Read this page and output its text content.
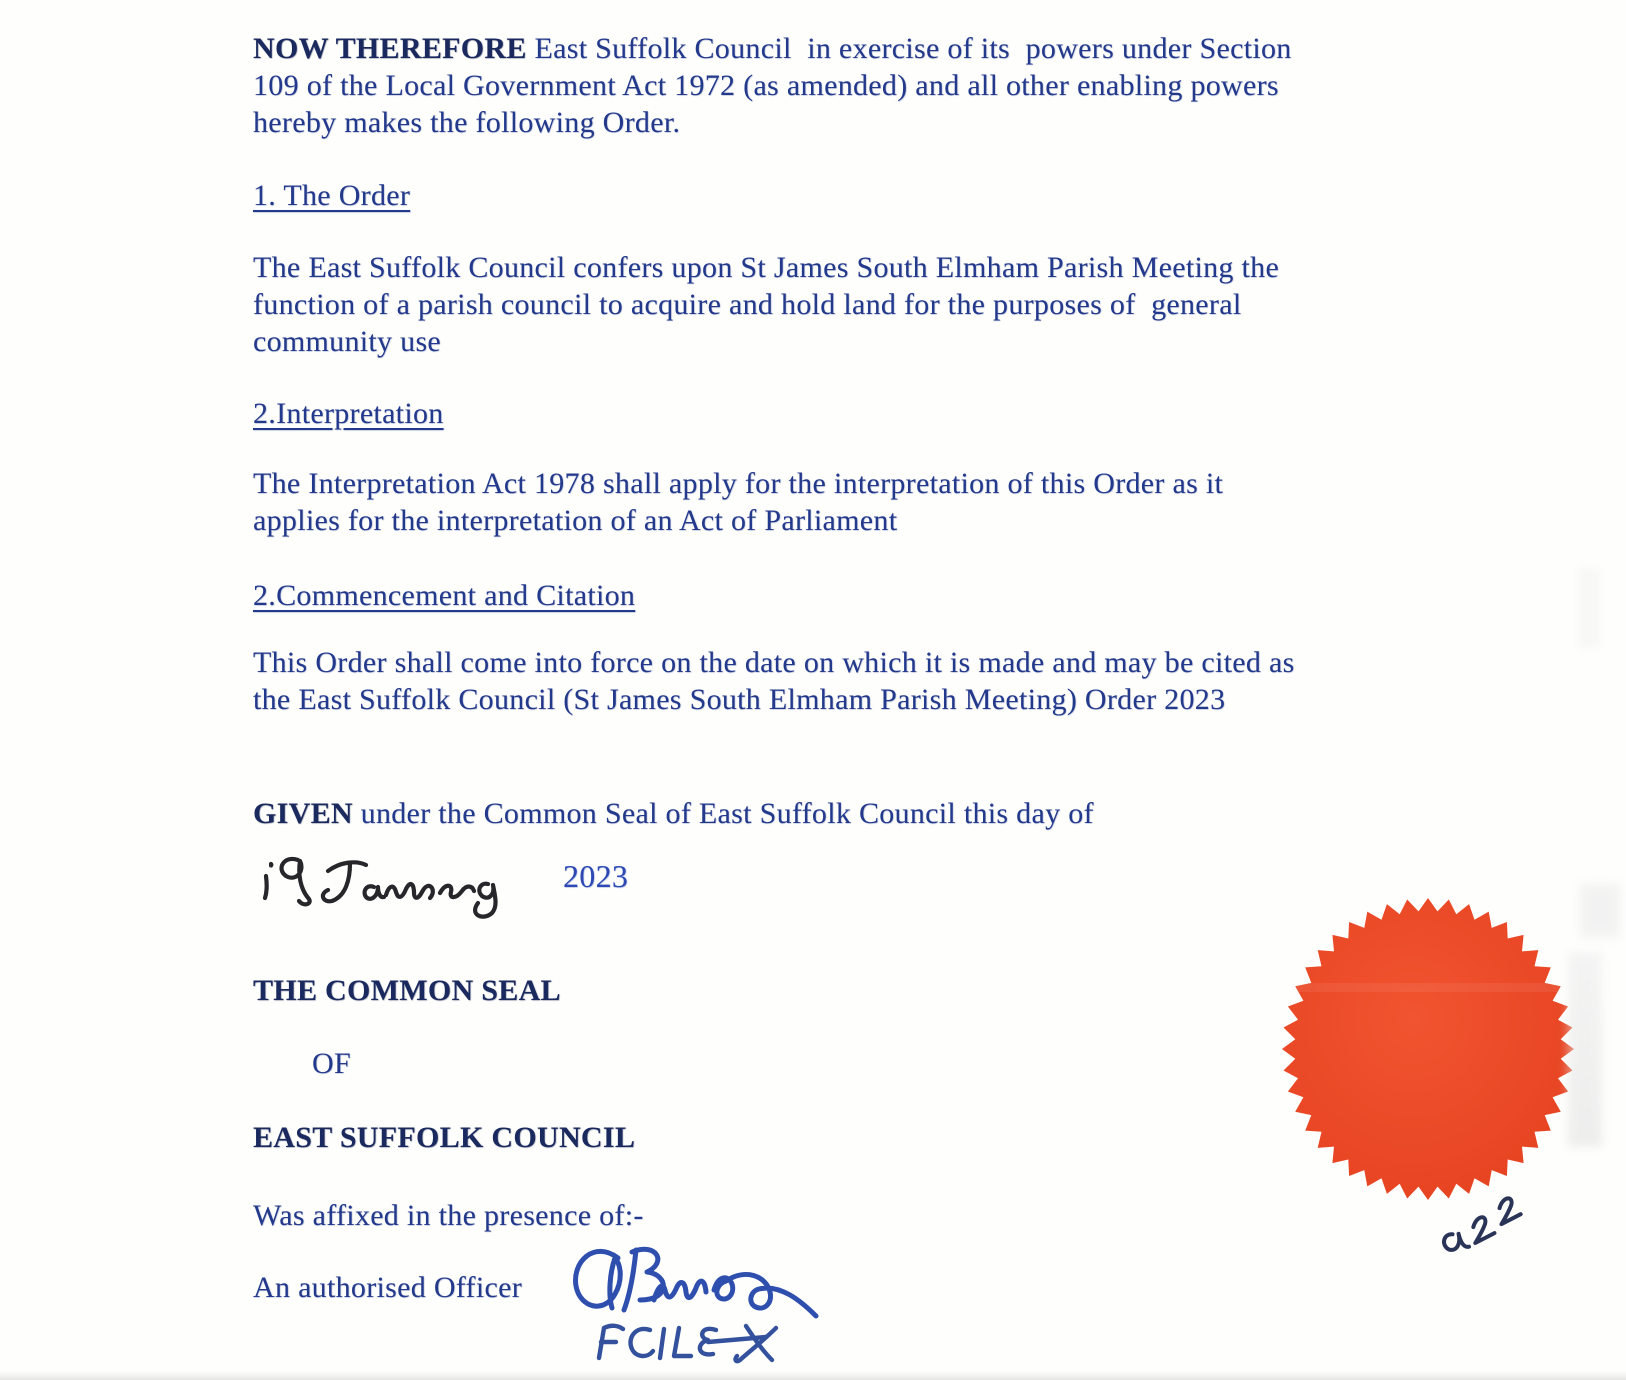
NOW THEREFORE East Suffolk Council  in exercise of its  powers under Section
109 of the Local Government Act 1972 (as amended) and all other enabling powers
hereby makes the following Order.
1. The Order
The East Suffolk Council confers upon St James South Elmham Parish Meeting the
function of a parish council to acquire and hold land for the purposes of  general
community use
2.Interpretation
The Interpretation Act 1978 shall apply for the interpretation of this Order as it
applies for the interpretation of an Act of Parliament
2.Commencement and Citation
This Order shall come into force on the date on which it is made and may be cited as
the East Suffolk Council (St James South Elmham Parish Meeting) Order 2023
GIVEN under the Common Seal of East Suffolk Council this day of
2023

THE COMMON SEAL

OF

EAST SUFFOLK COUNCIL

Was affixed in the presence of:-

An authorised Officer
